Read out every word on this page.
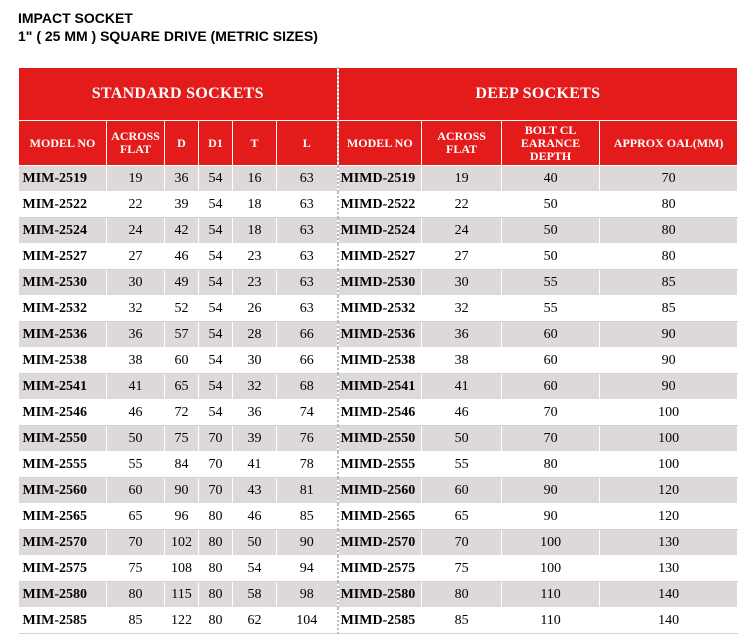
IMPACT SOCKET
1" ( 25 MM ) SQUARE DRIVE (METRIC SIZES)
STANDARD SOCKETS						DEEP SOCKETS			
MODEL NO	ACROSS FLAT	D	D1	T	L	MODEL NO	ACROSS FLAT	BOLT CL EARANCE DEPTH	APPROX OAL(MM)
MIM-2519	19	36	54	16	63	MIMD-2519	19	40	70
MIM-2522	22	39	54	18	63	MIMD-2522	22	50	80
MIM-2524	24	42	54	18	63	MIMD-2524	24	50	80
MIM-2527	27	46	54	23	63	MIMD-2527	27	50	80
MIM-2530	30	49	54	23	63	MIMD-2530	30	55	85
MIM-2532	32	52	54	26	63	MIMD-2532	32	55	85
MIM-2536	36	57	54	28	66	MIMD-2536	36	60	90
MIM-2538	38	60	54	30	66	MIMD-2538	38	60	90
MIM-2541	41	65	54	32	68	MIMD-2541	41	60	90
MIM-2546	46	72	54	36	74	MIMD-2546	46	70	100
MIM-2550	50	75	70	39	76	MIMD-2550	50	70	100
MIM-2555	55	84	70	41	78	MIMD-2555	55	80	100
MIM-2560	60	90	70	43	81	MIMD-2560	60	90	120
MIM-2565	65	96	80	46	85	MIMD-2565	65	90	120
MIM-2570	70	102	80	50	90	MIMD-2570	70	100	130
MIM-2575	75	108	80	54	94	MIMD-2575	75	100	130
MIM-2580	80	115	80	58	98	MIMD-2580	80	110	140
MIM-2585	85	122	80	62	104	MIMD-2585	85	110	140
